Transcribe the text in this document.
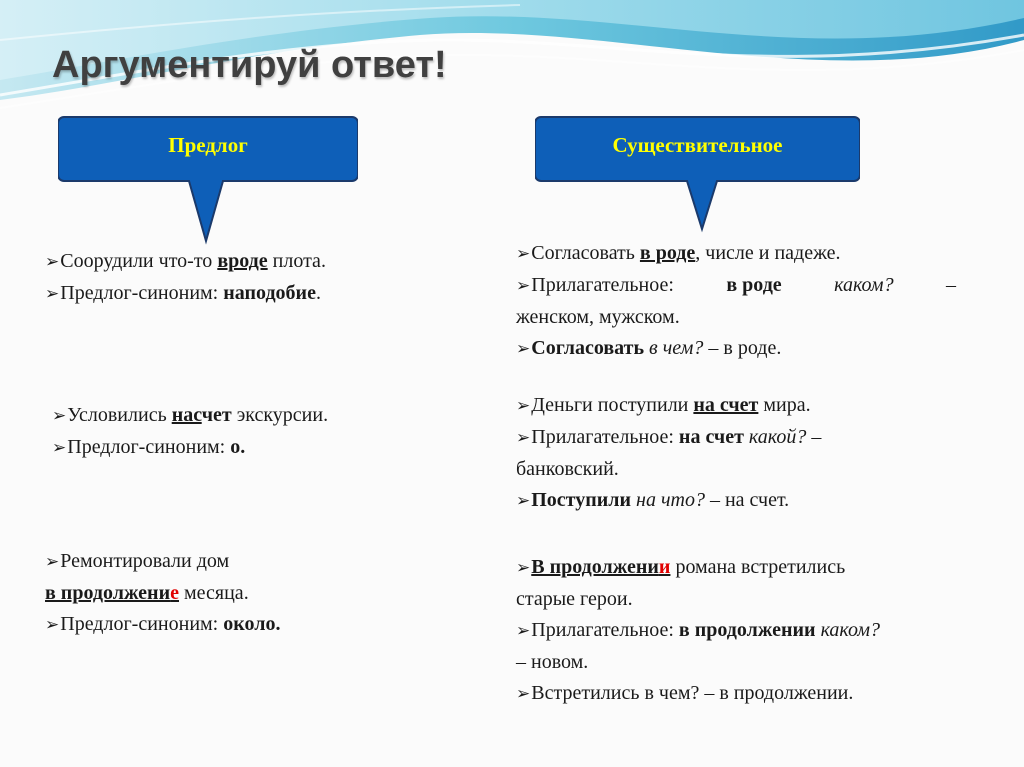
Аргументируй ответ!
Предлог	Существительное

➢Соорудили что-то вроде плота.

➢Предлог-синоним: наподобие.

➢Условились насчет экскурсии.

➢Предлог-синоним: о.

➢Ремонтировали дом

в продолжение месяца.

➢Предлог-синоним: около.

➢Согласовать в роде, числе и падеже.

➢Прилагательное:	в роде	каком?	–

женском, мужском.

➢Согласовать в чем? – в роде.

➢Деньги поступили на счет мира.

➢Прилагательное: на счет какой? –

банковский.

➢Поступили на что? – на счет.

➢В продолжении романа встретились

старые герои.

➢Прилагательное: в продолжении каком?

– новом.

➢Встретились в чем? – в продолжении.
